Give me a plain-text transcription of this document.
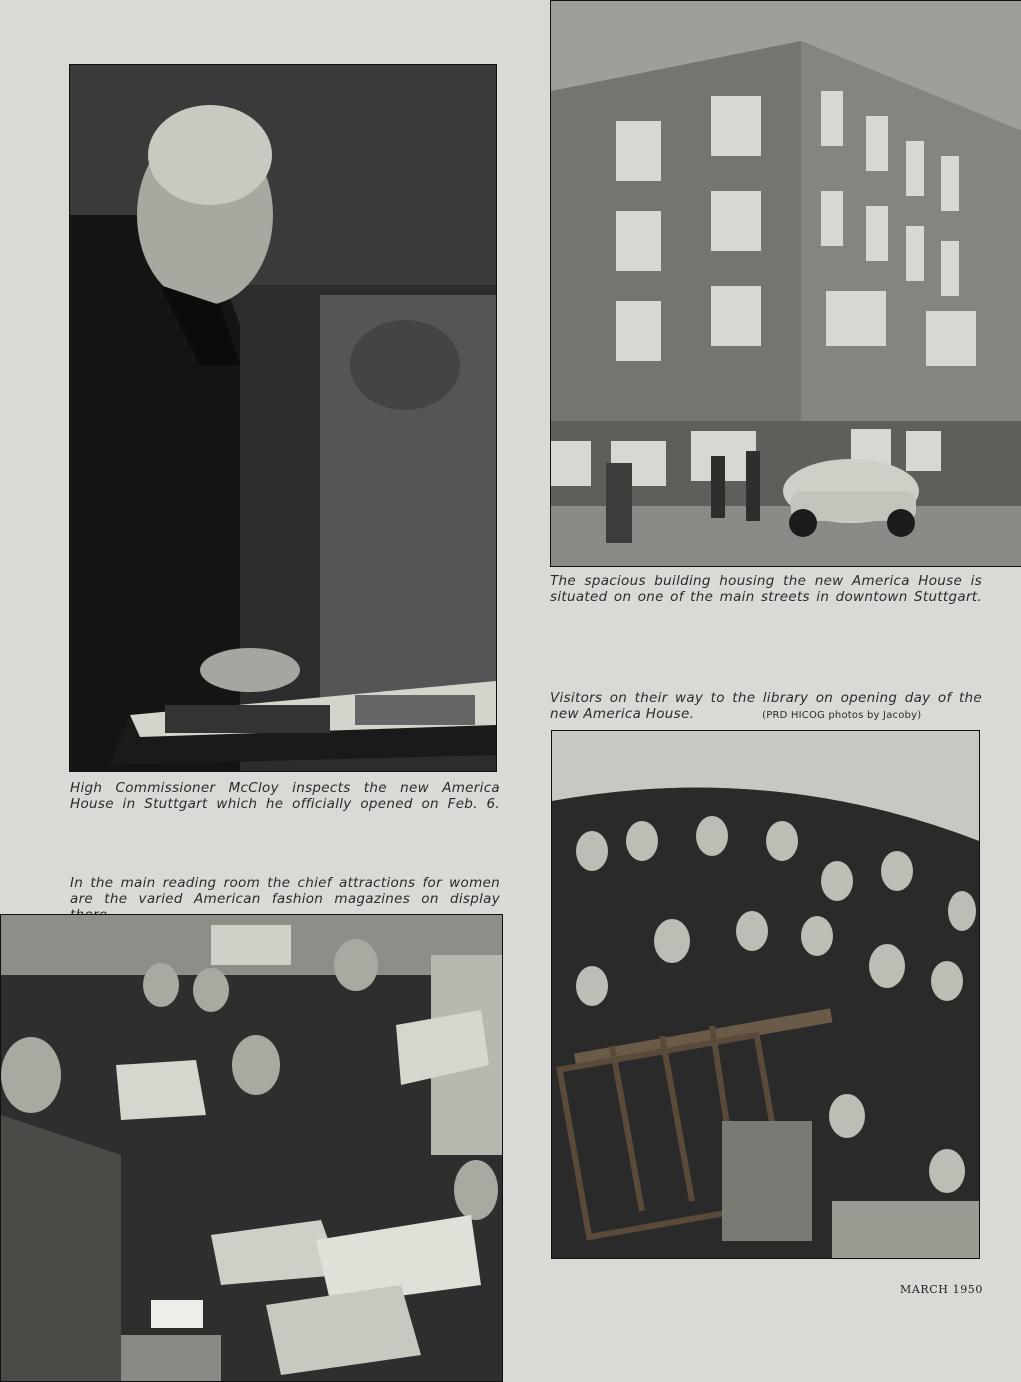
The spacious building housing the new America House is
situated on one of the main streets in downtown Stuttgart.
Visitors on their way to the library on opening day of the
new America House.	(PRD HICOG photos by Jacoby)
High Commissioner McCloy inspects the new America
House in Stuttgart which he officially opened on Feb. 6.
In the main reading room the chief attractions for women
are the varied American fashion magazines on display
MARCH 1950
